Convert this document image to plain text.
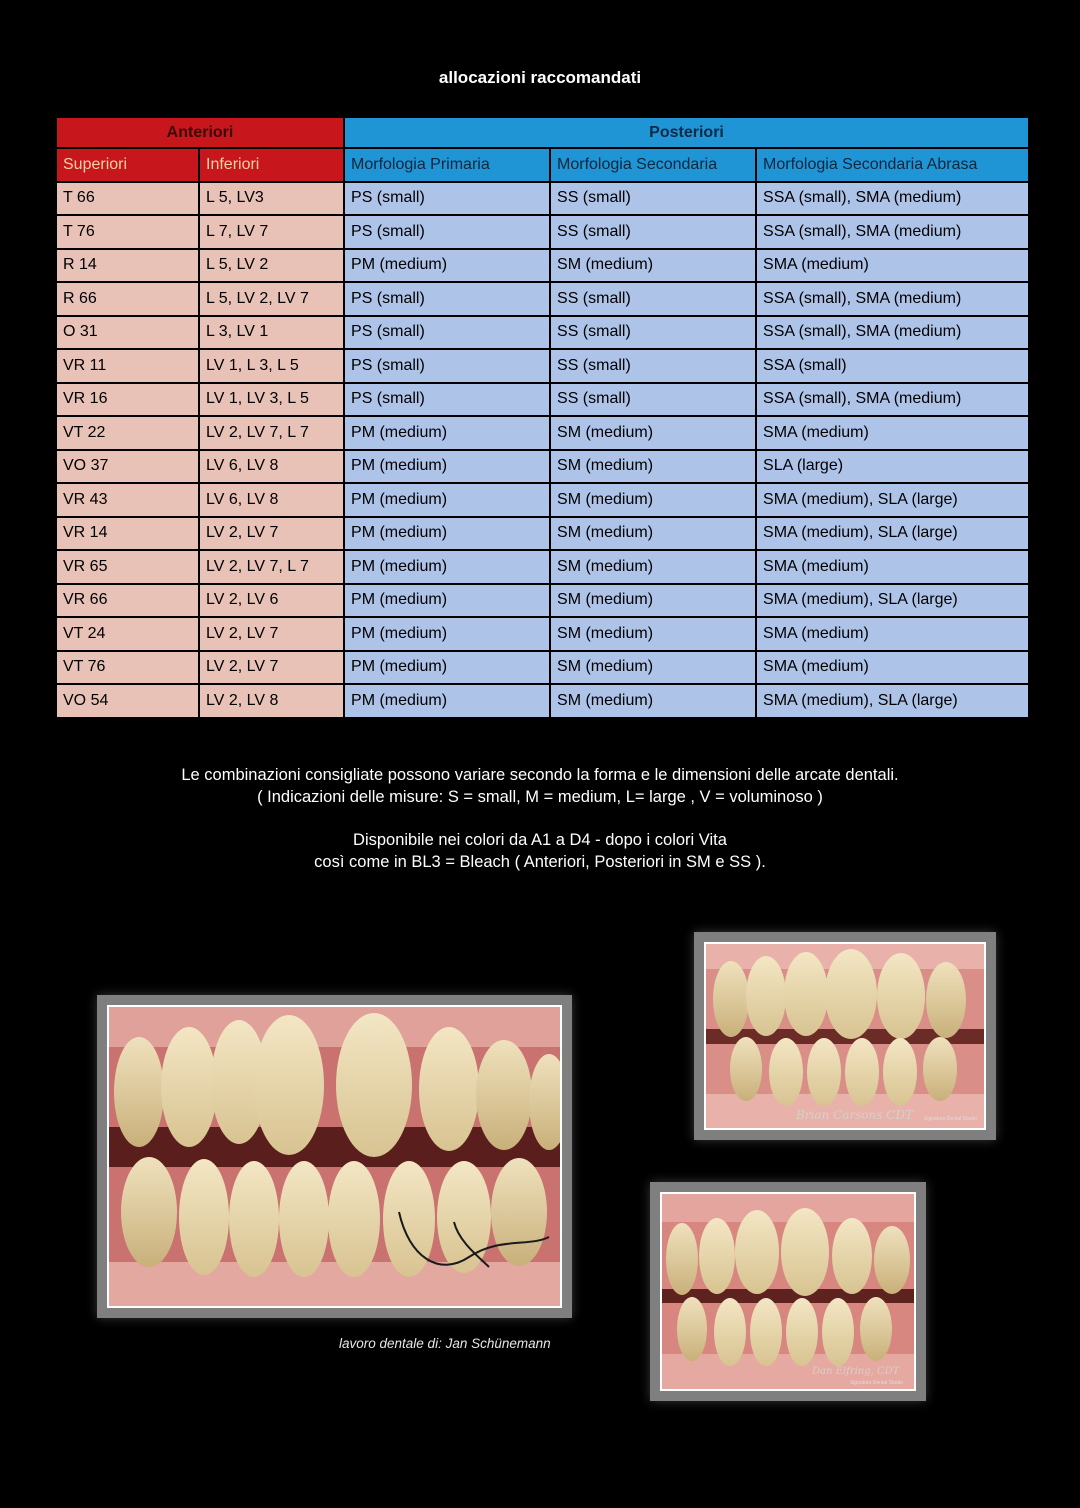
allocazioni raccomandati
Anteriori		Posteriori		
Superiori	Inferiori	Morfologia Primaria	Morfologia Secondaria	Morfologia Secondaria Abrasa
T 66	L 5, LV3	PS (small)	SS (small)	SSA (small), SMA (medium)
T 76	L 7, LV 7	PS (small)	SS (small)	SSA (small), SMA (medium)
R 14	L 5, LV 2	PM (medium)	SM (medium)	SMA (medium)
R 66	L 5, LV 2, LV 7	PS (small)	SS (small)	SSA (small), SMA (medium)
O 31	L 3, LV 1	PS (small)	SS (small)	SSA (small), SMA (medium)
VR 11	LV 1, L 3, L 5	PS (small)	SS (small)	SSA (small)
VR 16	LV 1, LV 3, L 5	PS (small)	SS (small)	SSA (small), SMA (medium)
VT 22	LV 2, LV 7, L 7	PM (medium)	SM (medium)	SMA (medium)
VO 37	LV 6, LV 8	PM (medium)	SM (medium)	SLA (large)
VR 43	LV 6, LV 8	PM (medium)	SM (medium)	SMA (medium), SLA (large)
VR 14	LV 2, LV 7	PM (medium)	SM (medium)	SMA (medium), SLA (large)
VR 65	LV 2, LV 7, L 7	PM (medium)	SM (medium)	SMA (medium)
VR 66	LV 2, LV 6	PM (medium)	SM (medium)	SMA (medium), SLA (large)
VT 24	LV 2, LV 7	PM (medium)	SM (medium)	SMA (medium)
VT 76	LV 2, LV 7	PM (medium)	SM (medium)	SMA (medium)
VO 54	LV 2, LV 8	PM (medium)	SM (medium)	SMA (medium), SLA (large)
Le combinazioni consigliate possono variare secondo la forma e le dimensioni delle arcate dentali.
( Indicazioni delle misure: S = small, M = medium, L= large , V = voluminoso )
Disponibile nei colori da A1 a D4 - dopo i colori Vita
così come in BL3 = Bleach ( Anteriori, Posteriori in SM e SS ).
lavoro dentale di: Jan Schünemann
Brian Carsons CDT Signature Dental Studio
Dan Elfring, CDT
Signature Dental Studio
